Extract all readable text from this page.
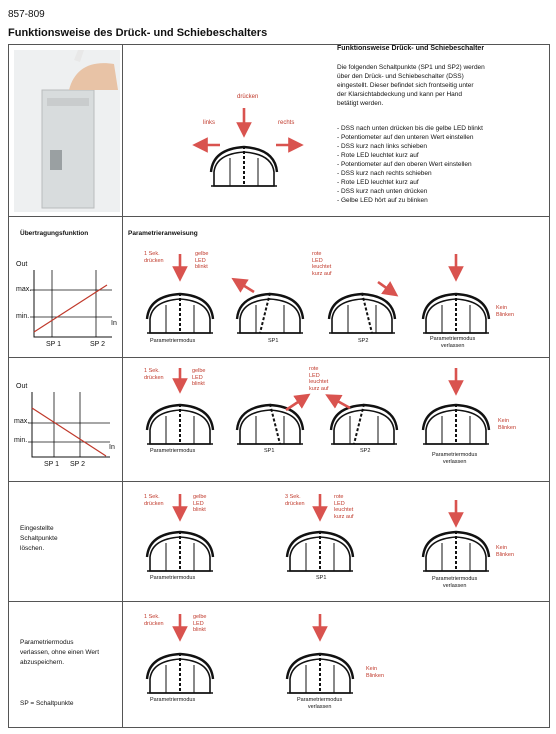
857-809
Funktionsweise des Drück- und Schiebeschalters
Funktionsweise Drück- und Schiebeschalter
Die folgenden Schaltpunkte (SP1 und SP2) werden
über den Drück- und Schiebeschalter (DSS)
eingestellt. Dieser befindet sich frontseitig unter
der Klarsichtabdeckung und kann per Hand
betätigt werden.
- DSS nach unten drücken bis die gelbe LED blinkt
- Potentiometer auf den unteren Wert einstellen
- DSS kurz nach links schieben
- Rote LED leuchtet kurz auf
- Potentiometer auf den oberen Wert einstellen
- DSS kurz nach rechts schieben
- Rote LED leuchtet kurz auf
- DSS kurz nach unten drücken
- Gelbe LED hört auf zu blinken
drücken
links	rechts
Übertragungsfunktion	Parametrieranweisung
Out
max.
min.
In
SP 1	SP 2
Out
max.
min.
In
SP 1 SP 2
Eingestellte
Schaltpunkte
löschen.
Parametriermodus
verlassen, ohne einen Wert
abzuspeichern.
SP = Schaltpunkte
1 Sek.
drücken
gelbe
LED
blinkt
rote
LED
leuchtet
kurz auf
Kein
Blinken
Parametriermodus	SP1	SP2	Parametriermodus
verlassen
1 Sek.
drücken
gelbe
LED
blinkt
rote
LED
leuchtet
kurz auf
Kein
Blinken
Parametriermodus	SP1	SP2
Parametriermodus
verlassen
1 Sek.
drücken
gelbe
LED
blinkt
3 Sek.
drücken
rote
LED
leuchtet
kurz auf
Kein
Blinken
Parametriermodus	SP1	Parametriermodus
verlassen
1 Sek.
drücken
gelbe
LED
blinkt
Kein
Blinken
Parametriermodus	Parametriermodus
verlassen
